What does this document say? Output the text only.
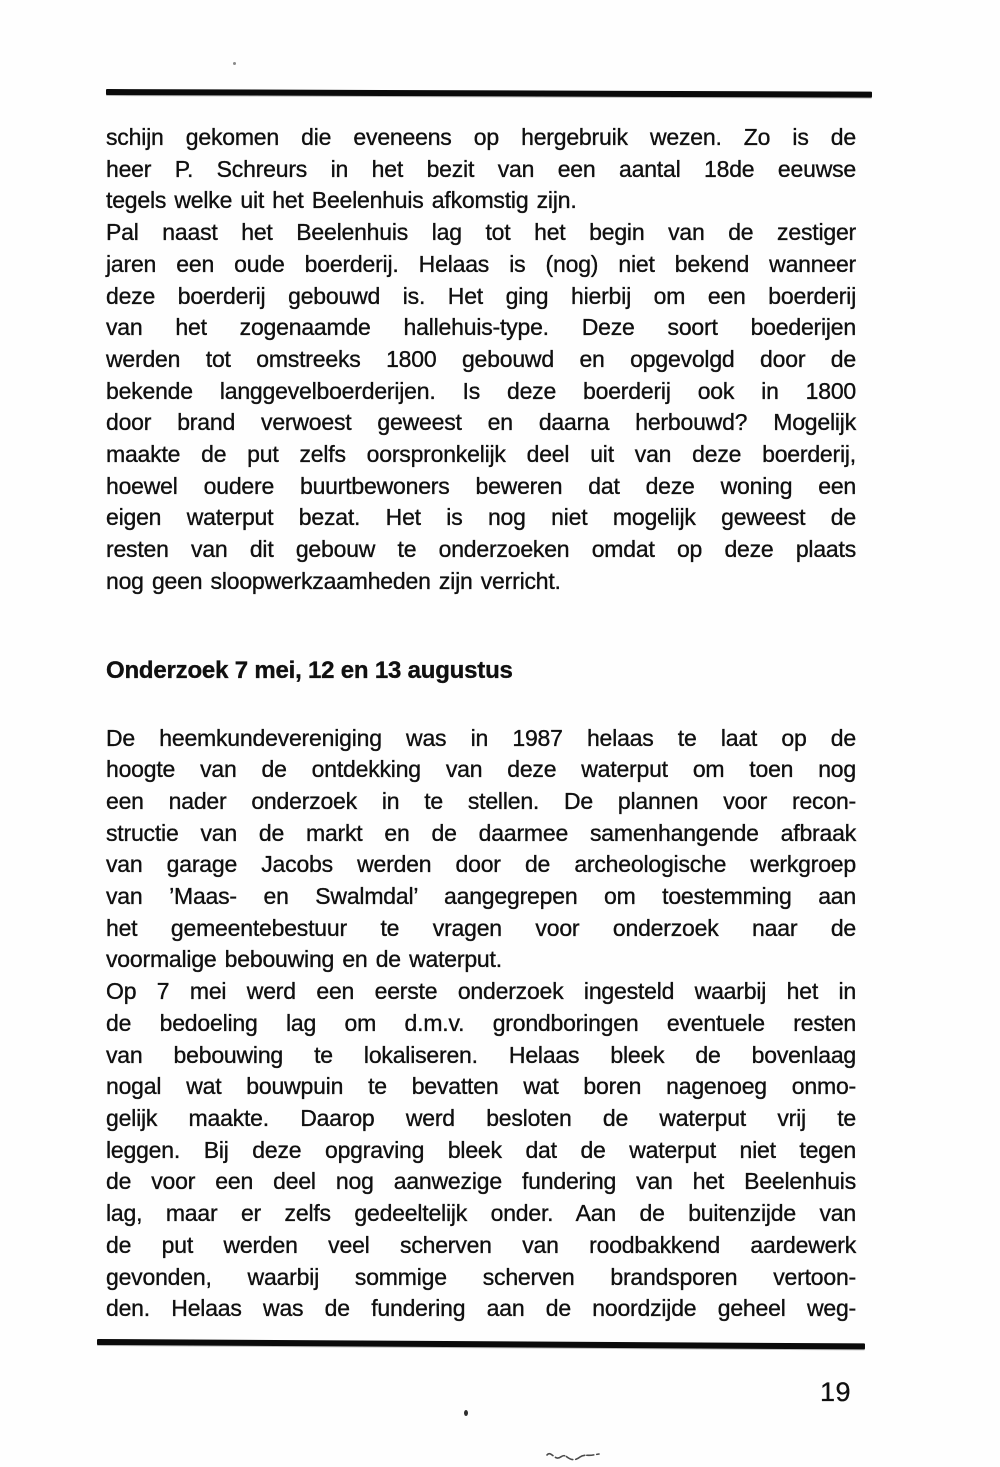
schijn gekomen die eveneens op hergebruik wezen. Zo is de
heer P. Schreurs in het bezit van een aantal 18de eeuwse
tegels welke uit het Beelenhuis afkomstig zijn.
Pal naast het Beelenhuis lag tot het begin van de zestiger
jaren een oude boerderij. Helaas is (nog) niet bekend wanneer
deze boerderij gebouwd is. Het ging hierbij om een boerderij
van het zogenaamde hallehuis-type. Deze soort boederijen
werden tot omstreeks 1800 gebouwd en opgevolgd door de
bekende langgevelboerderijen. Is deze boerderij ook in 1800
door brand verwoest geweest en daarna herbouwd? Mogelijk
maakte de put zelfs oorspronkelijk deel uit van deze boerderij,
hoewel oudere buurtbewoners beweren dat deze woning een
eigen waterput bezat. Het is nog niet mogelijk geweest de
resten van dit gebouw te onderzoeken omdat op deze plaats
nog geen sloopwerkzaamheden zijn verricht.
Onderzoek 7 mei, 12 en 13 augustus
De heemkundevereniging was in 1987 helaas te laat op de
hoogte van de ontdekking van deze waterput om toen nog
een nader onderzoek in te stellen. De plannen voor recon-
structie van de markt en de daarmee samenhangende afbraak
van garage Jacobs werden door de archeologische werkgroep
van ’Maas- en Swalmdal’ aangegrepen om toestemming aan
het gemeentebestuur te vragen voor onderzoek naar de
voormalige bebouwing en de waterput.
Op 7 mei werd een eerste onderzoek ingesteld waarbij het in
de bedoeling lag om d.m.v. grondboringen eventuele resten
van bebouwing te lokaliseren. Helaas bleek de bovenlaag
nogal wat bouwpuin te bevatten wat boren nagenoeg onmo-
gelijk maakte. Daarop werd besloten de waterput vrij te
leggen. Bij deze opgraving bleek dat de waterput niet tegen
de voor een deel nog aanwezige fundering van het Beelenhuis
lag, maar er zelfs gedeeltelijk onder. Aan de buitenzijde van
de put werden veel scherven van roodbakkend aardewerk
gevonden, waarbij sommige scherven brandsporen vertoon-
den. Helaas was de fundering aan de noordzijde geheel weg-
19
